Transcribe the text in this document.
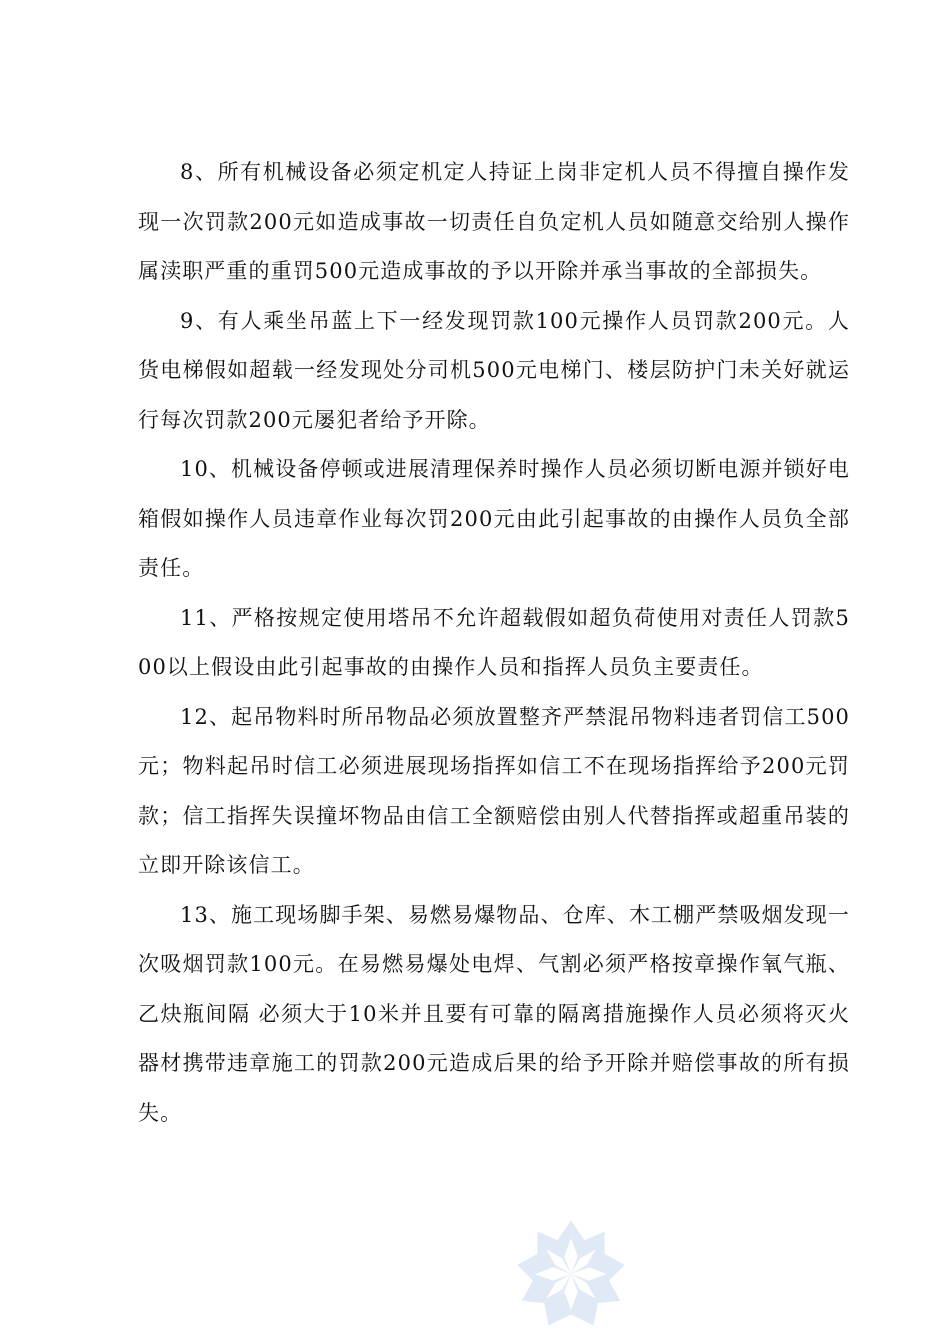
8、所有机械设备必须定机定人持证上岗非定机人员不得擅自操作发现一次罚款200元如造成事故一切责任自负定机人员如随意交给别人操作属渎职严重的重罚500元造成事故的予以开除并承当事故的全部损失。

9、有人乘坐吊蓝上下一经发现罚款100元操作人员罚款200元。人货电梯假如超载一经发现处分司机500元电梯门、楼层防护门未关好就运行每次罚款200元屡犯者给予开除。

10、机械设备停顿或进展清理保养时操作人员必须切断电源并锁好电箱假如操作人员违章作业每次罚200元由此引起事故的由操作人员负全部责任。

11、严格按规定使用塔吊不允许超载假如超负荷使用对责任人罚款500以上假设由此引起事故的由操作人员和指挥人员负主要责任。

12、起吊物料时所吊物品必须放置整齐严禁混吊物料违者罚信工500元；物料起吊时信工必须进展现场指挥如信工不在现场指挥给予200元罚款；信工指挥失误撞坏物品由信工全额赔偿由别人代替指挥或超重吊装的立即开除该信工。

13、施工现场脚手架、易燃易爆物品、仓库、木工棚严禁吸烟发现一次吸烟罚款100元。在易燃易爆处电焊、气割必须严格按章操作氧气瓶、乙炔瓶间隔 必须大于10米并且要有可靠的隔离措施操作人员必须将灭火器材携带违章施工的罚款200元造成后果的给予开除并赔偿事故的所有损失。
